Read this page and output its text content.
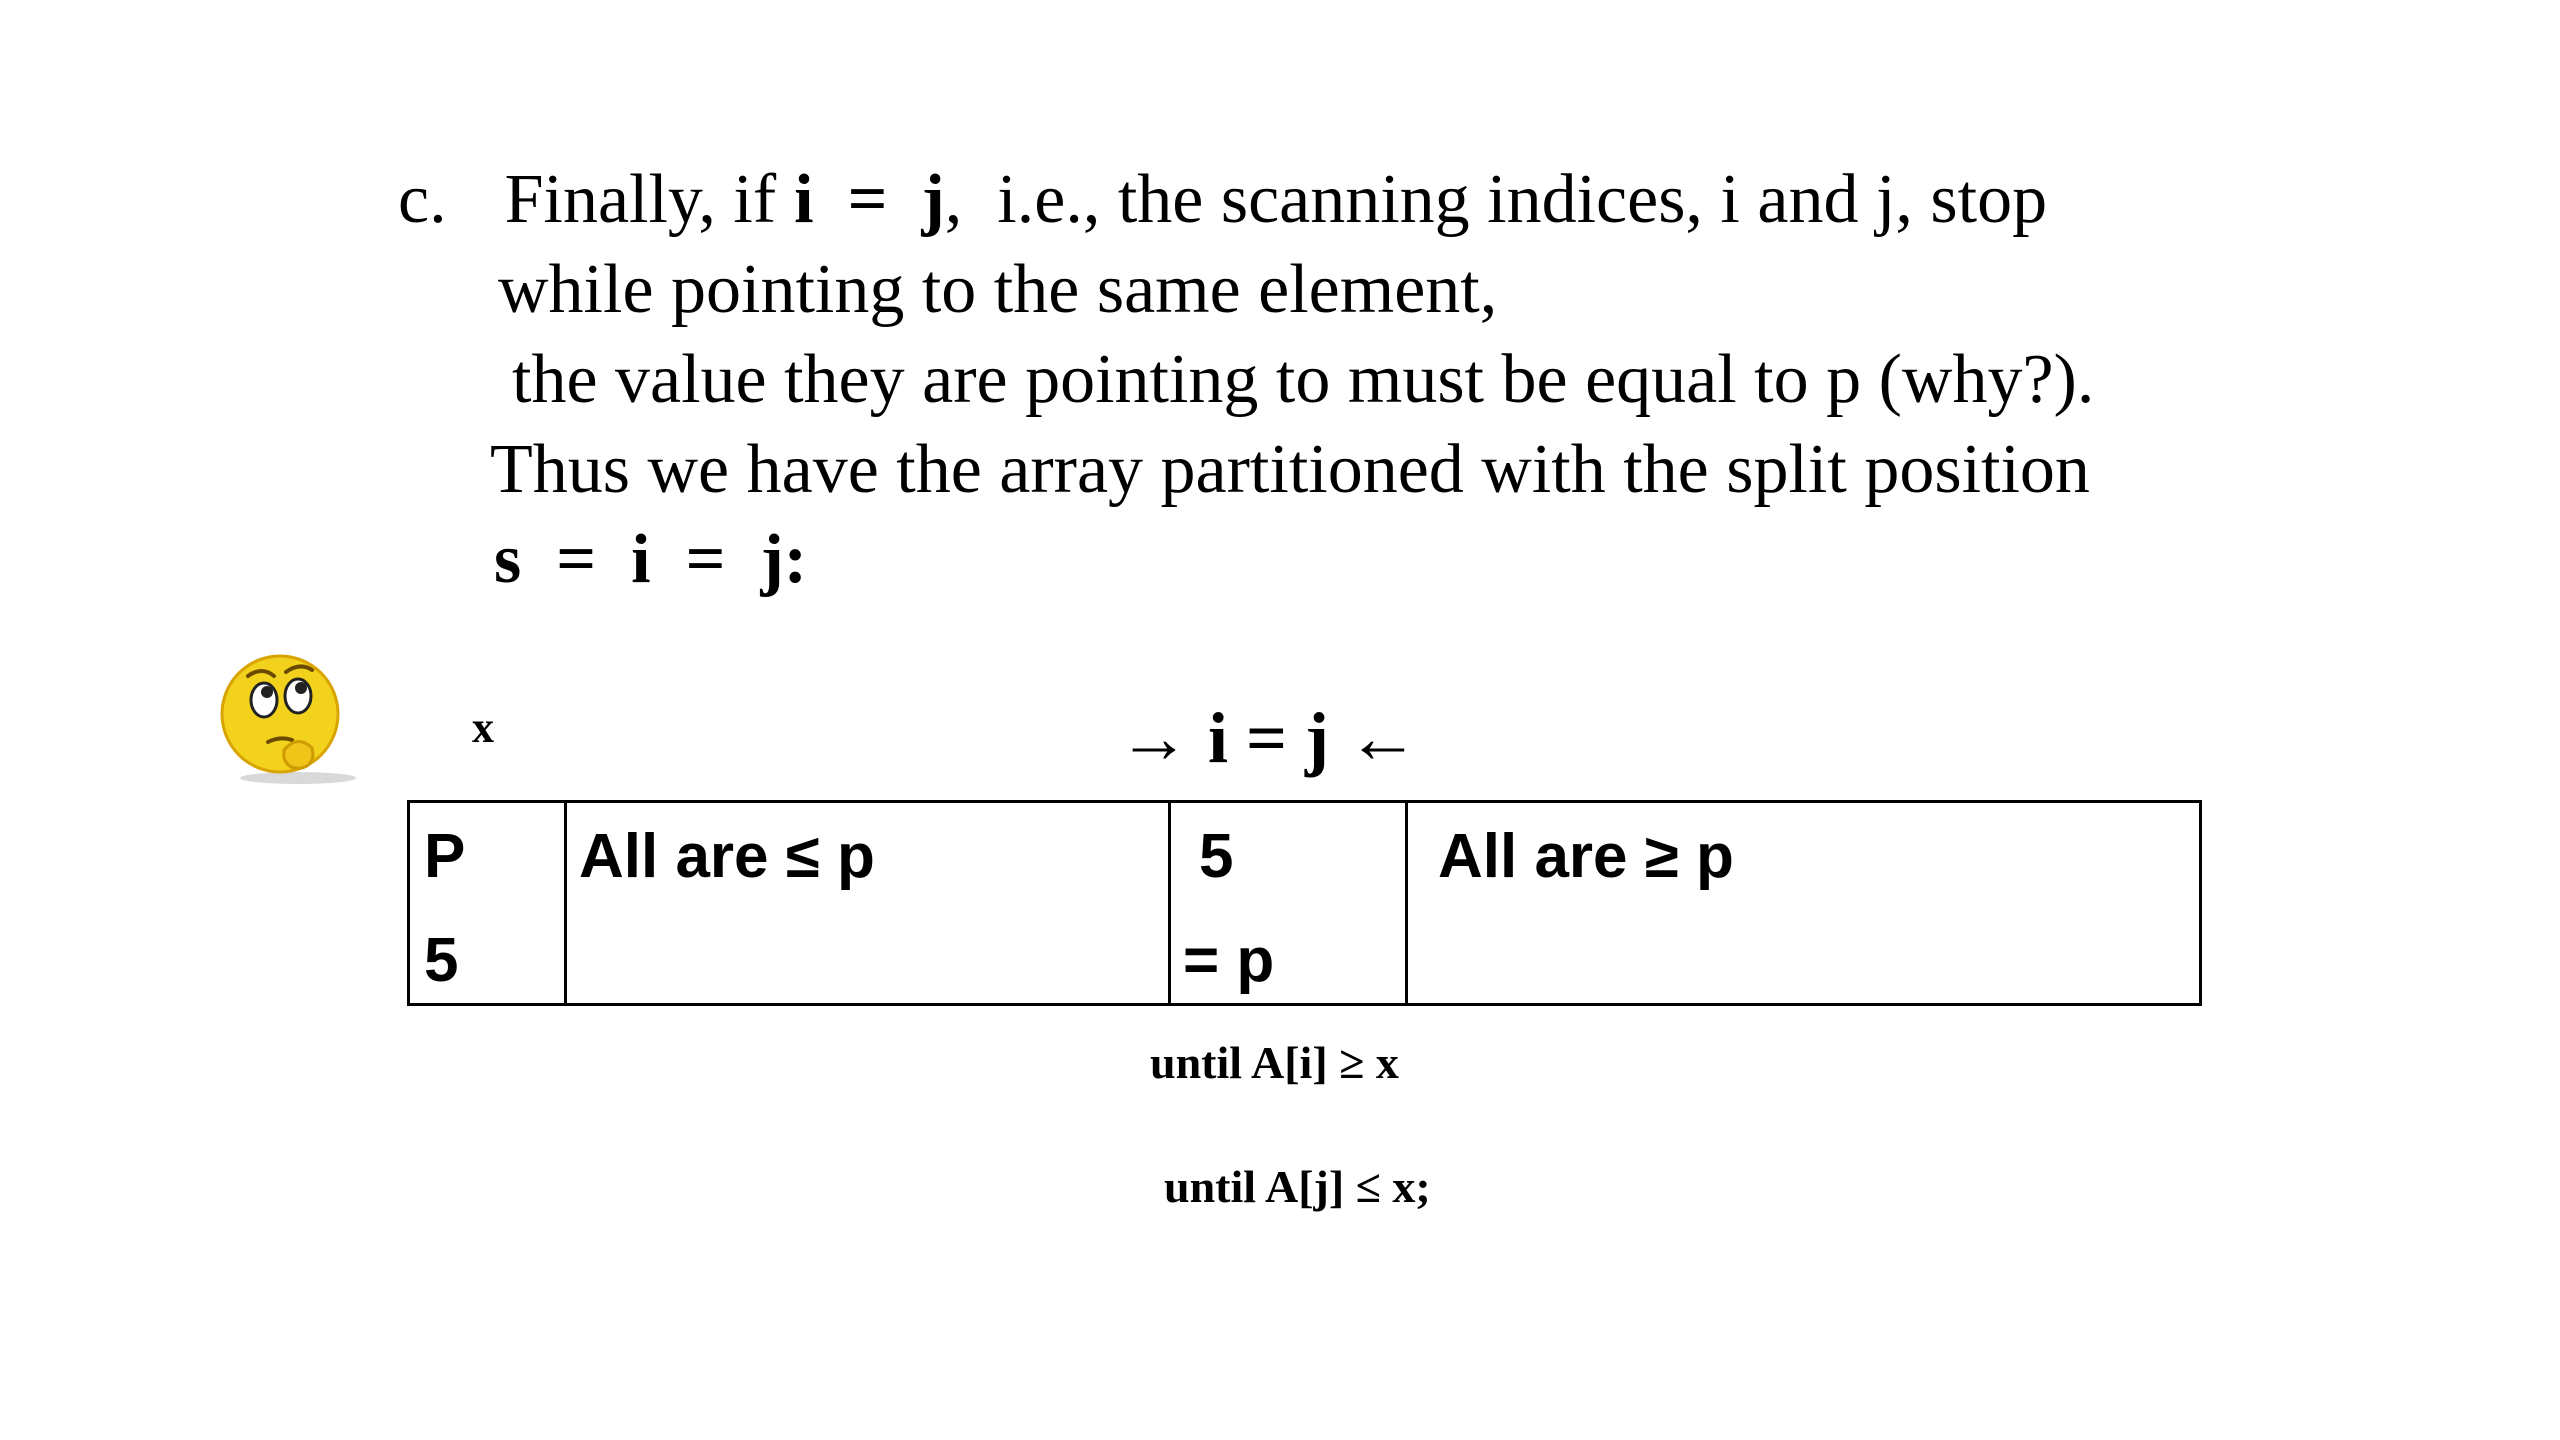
c. Finally, if i = j,  i.e., the scanning indices, i and j, stop
while pointing to the same element,
the value they are pointing to must be equal to p (why?).
Thus we have the array partitioned with the split position
s  =  i  =  j:
x	→ i = j ←
P
5
All are ≤ p	5
= p
All are ≥ p
until A[i] ≥ x
until A[j] ≤ x;
